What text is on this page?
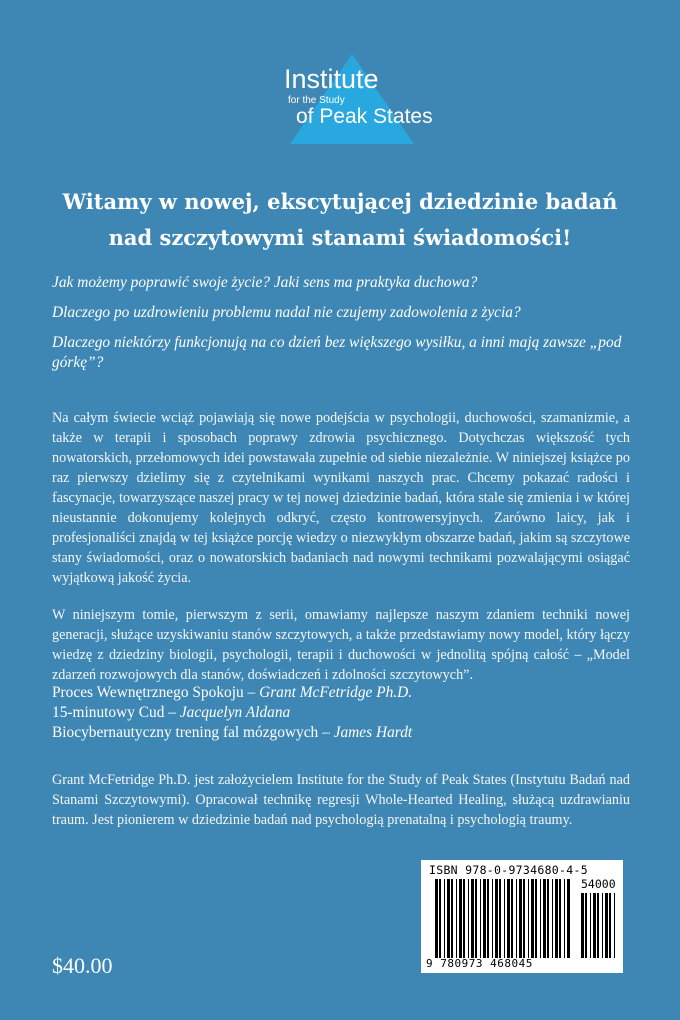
Institute
for the Study
of Peak States
Witamy w nowej, ekscytującej dziedzinie badań
nad szczytowymi stanami świadomości!

Jak możemy poprawić swoje życie? Jaki sens ma praktyka duchowa?

Dlaczego po uzdrowieniu problemu nadal nie czujemy zadowolenia z życia?

Dlaczego niektórzy funkcjonują na co dzień bez większego wysiłku, a inni mają zawsze „pod górkę”?

Na całym świecie wciąż pojawiają się nowe podejścia w psychologii, duchowości, szamanizmie, a także w terapii i sposobach poprawy zdrowia psychicznego. Dotychczas większość tych nowatorskich, przełomowych idei powstawała zupełnie od siebie niezależnie. W niniejszej książce po raz pierwszy dzielimy się z czytelnikami wynikami naszych prac. Chcemy pokazać radości i fascynacje, towarzyszące naszej pracy w tej nowej dziedzinie badań, która stale się zmienia i w której nieustannie dokonujemy kolejnych odkryć, często kontrowersyjnych. Zarówno laicy, jak i profesjonaliści znajdą w tej książce porcję wiedzy o niezwykłym obszarze badań, jakim są szczytowe stany świadomości, oraz o nowatorskich badaniach nad nowymi technikami pozwalającymi osiągać wyjątkową jakość życia.

W niniejszym tomie, pierwszym z serii, omawiamy najlepsze naszym zdaniem techniki nowej generacji, służące uzyskiwaniu stanów szczytowych, a także przedstawiamy nowy model, który łączy wiedzę z dziedziny biologii, psychologii, terapii i duchowości w jednolitą spójną całość – „Model zdarzeń rozwojowych dla stanów, doświadczeń i zdolności szczytowych”.

Proces Wewnętrznego Spokoju – Grant McFetridge Ph.D.
15-minutowy Cud – Jacquelyn Aldana
Biocybernautyczny trening fal mózgowych – James Hardt
Grant McFetridge Ph.D. jest założycielem Institute for the Study of Peak States (Instytutu Badań nad Stanami Szczytowymi). Opracował technikę regresji Whole-Hearted Healing, służącą uzdrawianiu traum. Jest pionierem w dziedzinie badań nad psychologią prenatalną i psychologią traumy.
$40.00
ISBN 978-0-9734680-4-5
54000
9 780973 468045
